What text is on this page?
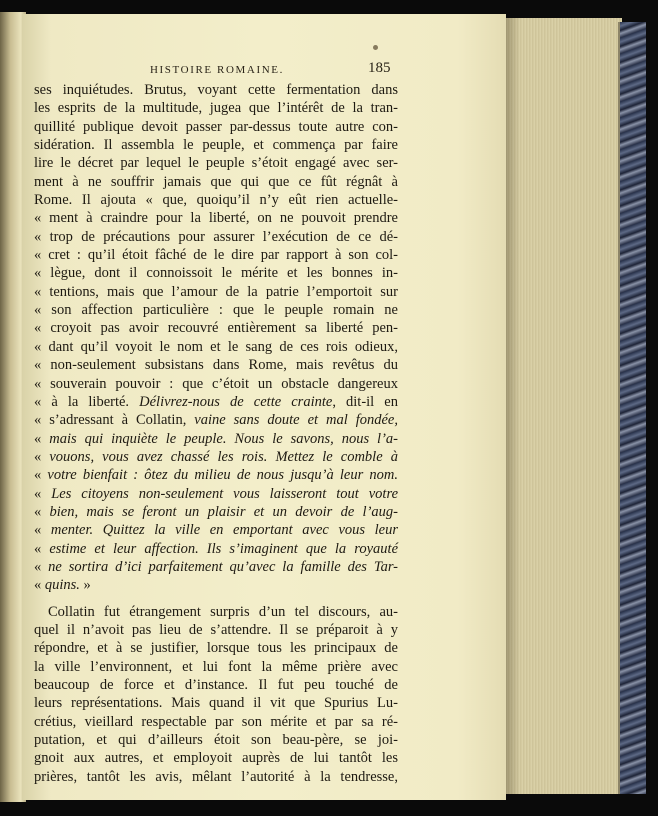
HISTOIRE ROMAINE.	185
ses inquiétudes. Brutus, voyant cette fermentation dans
les esprits de la multitude, jugea que l’intérêt de la tran-
quillité publique devoit passer par-dessus toute autre con-
sidération. Il assembla le peuple, et commença par faire
lire le décret par lequel le peuple s’étoit engagé avec ser-
ment à ne souffrir jamais que qui que ce fût régnât à
Rome. Il ajouta « que, quoiqu’il n’y eût rien actuelle-
« ment à craindre pour la liberté, on ne pouvoit prendre
« trop de précautions pour assurer l’exécution de ce dé-
« cret : qu’il étoit fâché de le dire par rapport à son col-
« lègue, dont il connoissoit le mérite et les bonnes in-
« tentions, mais que l’amour de la patrie l’emportoit sur
« son affection particulière : que le peuple romain ne
« croyoit pas avoir recouvré entièrement sa liberté pen-
« dant qu’il voyoit le nom et le sang de ces rois odieux,
« non-seulement subsistans dans Rome, mais revêtus du
« souverain pouvoir : que c’étoit un obstacle dangereux
« à la liberté. Délivrez-nous de cette crainte, dit-il en
« s’adressant à Collatin, vaine sans doute et mal fondée,
« mais qui inquiète le peuple. Nous le savons, nous l’a-
« vouons, vous avez chassé les rois. Mettez le comble à
« votre bienfait : ôtez du milieu de nous jusqu’à leur nom.
« Les citoyens non-seulement vous laisseront tout votre
« bien, mais se feront un plaisir et un devoir de l’aug-
« menter. Quittez la ville en emportant avec vous leur
« estime et leur affection. Ils s’imaginent que la royauté
« ne sortira d’ici parfaitement qu’avec la famille des Tar-
« quins. »
Collatin fut étrangement surpris d’un tel discours, au-
quel il n’avoit pas lieu de s’attendre. Il se préparoit à y
répondre, et à se justifier, lorsque tous les principaux de
la ville l’environnent, et lui font la même prière avec
beaucoup de force et d’instance. Il fut peu touché de
leurs représentations. Mais quand il vit que Spurius Lu-
crétius, vieillard respectable par son mérite et par sa ré-
putation, et qui d’ailleurs étoit son beau-père, se joi-
gnoit aux autres, et employoit auprès de lui tantôt les
prières, tantôt les avis, mêlant l’autorité à la tendresse,
